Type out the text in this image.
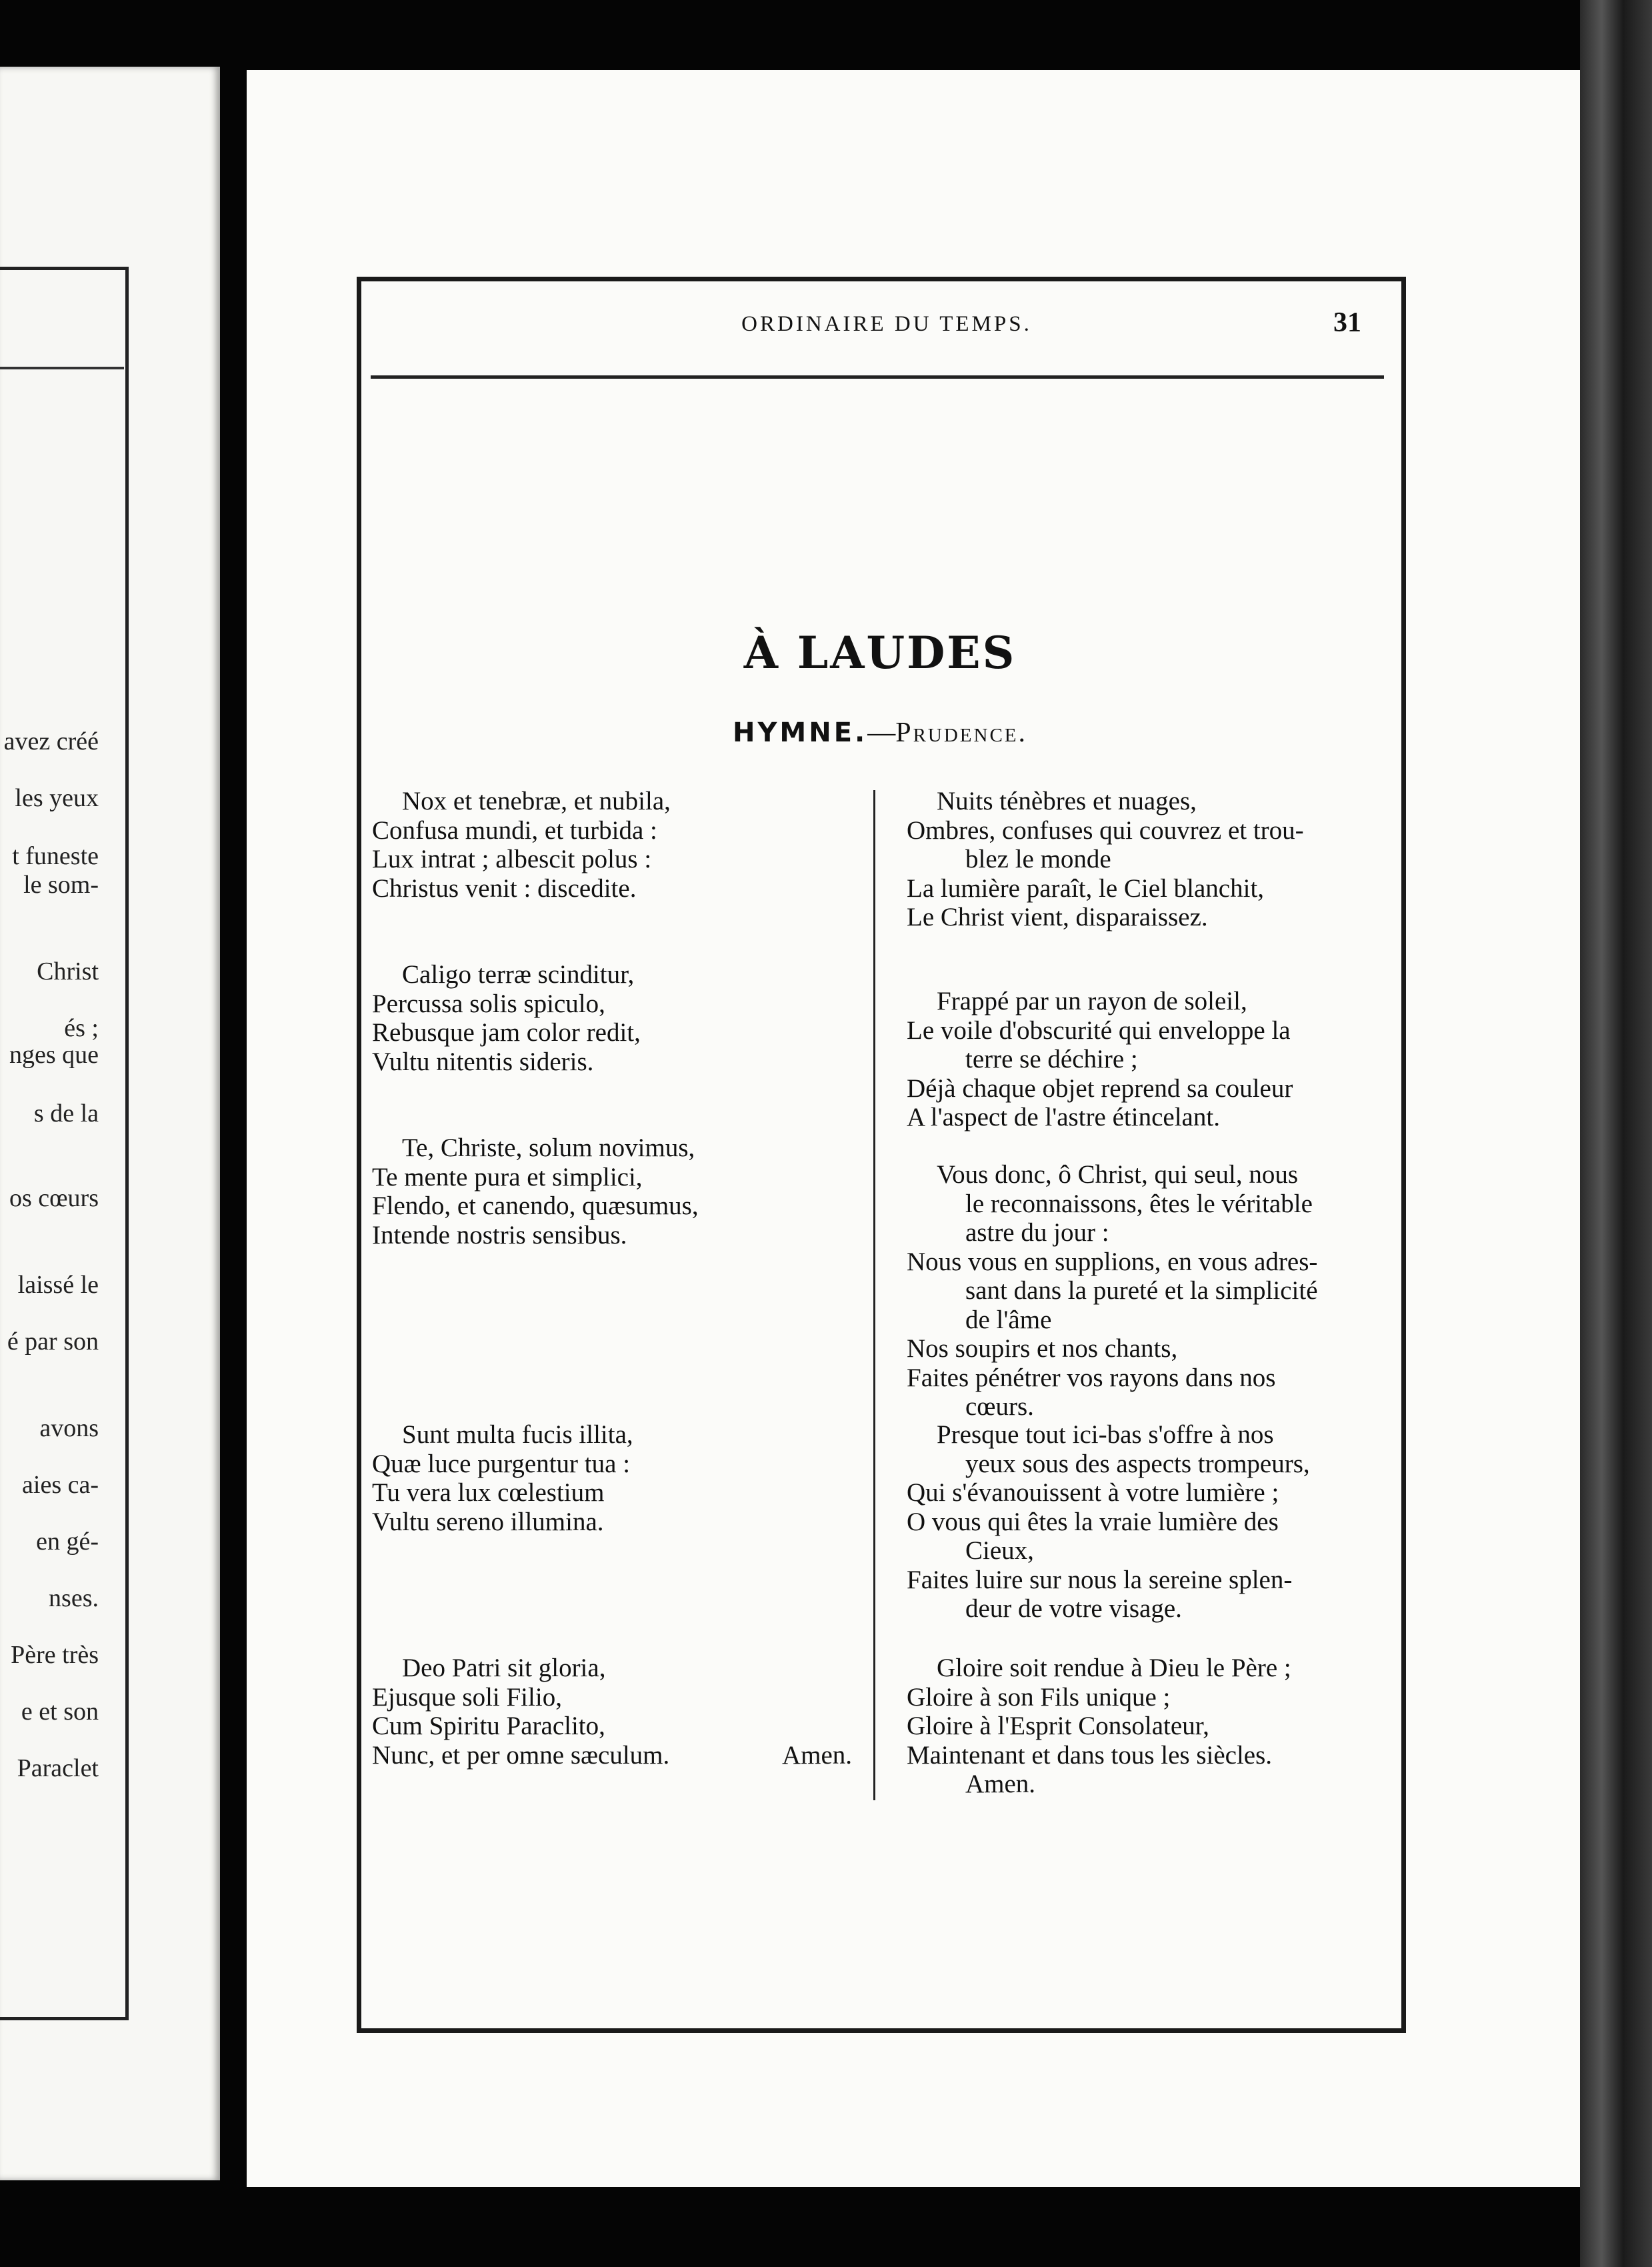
avez créé
les yeux
t funeste
le som-
Christ
és ;
nges que
s de la
os cœurs
laissé le
é par son
avons
aies ca-
en gé-
nses.
Père très
e et son
Paraclet
ORDINAIRE DU TEMPS.	31
À LAUDES
HYMNE.—Prudence.
Nox et tenebræ, et nubila,
Confusa mundi, et turbida :
Lux intrat ; albescit polus :
Christus venit : discedite.
Caligo terræ scinditur,
Percussa solis spiculo,
Rebusque jam color redit,
Vultu nitentis sideris.
Te, Christe, solum novimus,
Te mente pura et simplici,
Flendo, et canendo, quæsumus,
Intende nostris sensibus.
Sunt multa fucis illita,
Quæ luce purgentur tua :
Tu vera lux cœlestium
Vultu sereno illumina.
Deo Patri sit gloria,
Ejusque soli Filio,
Cum Spiritu Paraclito,
Nunc, et per omne sæculum.	Amen.
Nuits ténèbres et nuages,
Ombres, confuses qui couvrez et trou-
blez le monde
La lumière paraît, le Ciel blanchit,
Le Christ vient, disparaissez.
Frappé par un rayon de soleil,
Le voile d'obscurité qui enveloppe la
terre se déchire ;
Déjà chaque objet reprend sa couleur
A l'aspect de l'astre étincelant.
Vous donc, ô Christ, qui seul, nous
le reconnaissons, êtes le véritable
astre du jour :
Nous vous en supplions, en vous adres-
sant dans la pureté et la simplicité
de l'âme
Nos soupirs et nos chants,
Faites pénétrer vos rayons dans nos
cœurs.
Presque tout ici-bas s'offre à nos
yeux sous des aspects trompeurs,
Qui s'évanouissent à votre lumière ;
O vous qui êtes la vraie lumière des
Cieux,
Faites luire sur nous la sereine splen-
deur de votre visage.
Gloire soit rendue à Dieu le Père ;
Gloire à son Fils unique ;
Gloire à l'Esprit Consolateur,
Maintenant et dans tous les siècles.
Amen.
